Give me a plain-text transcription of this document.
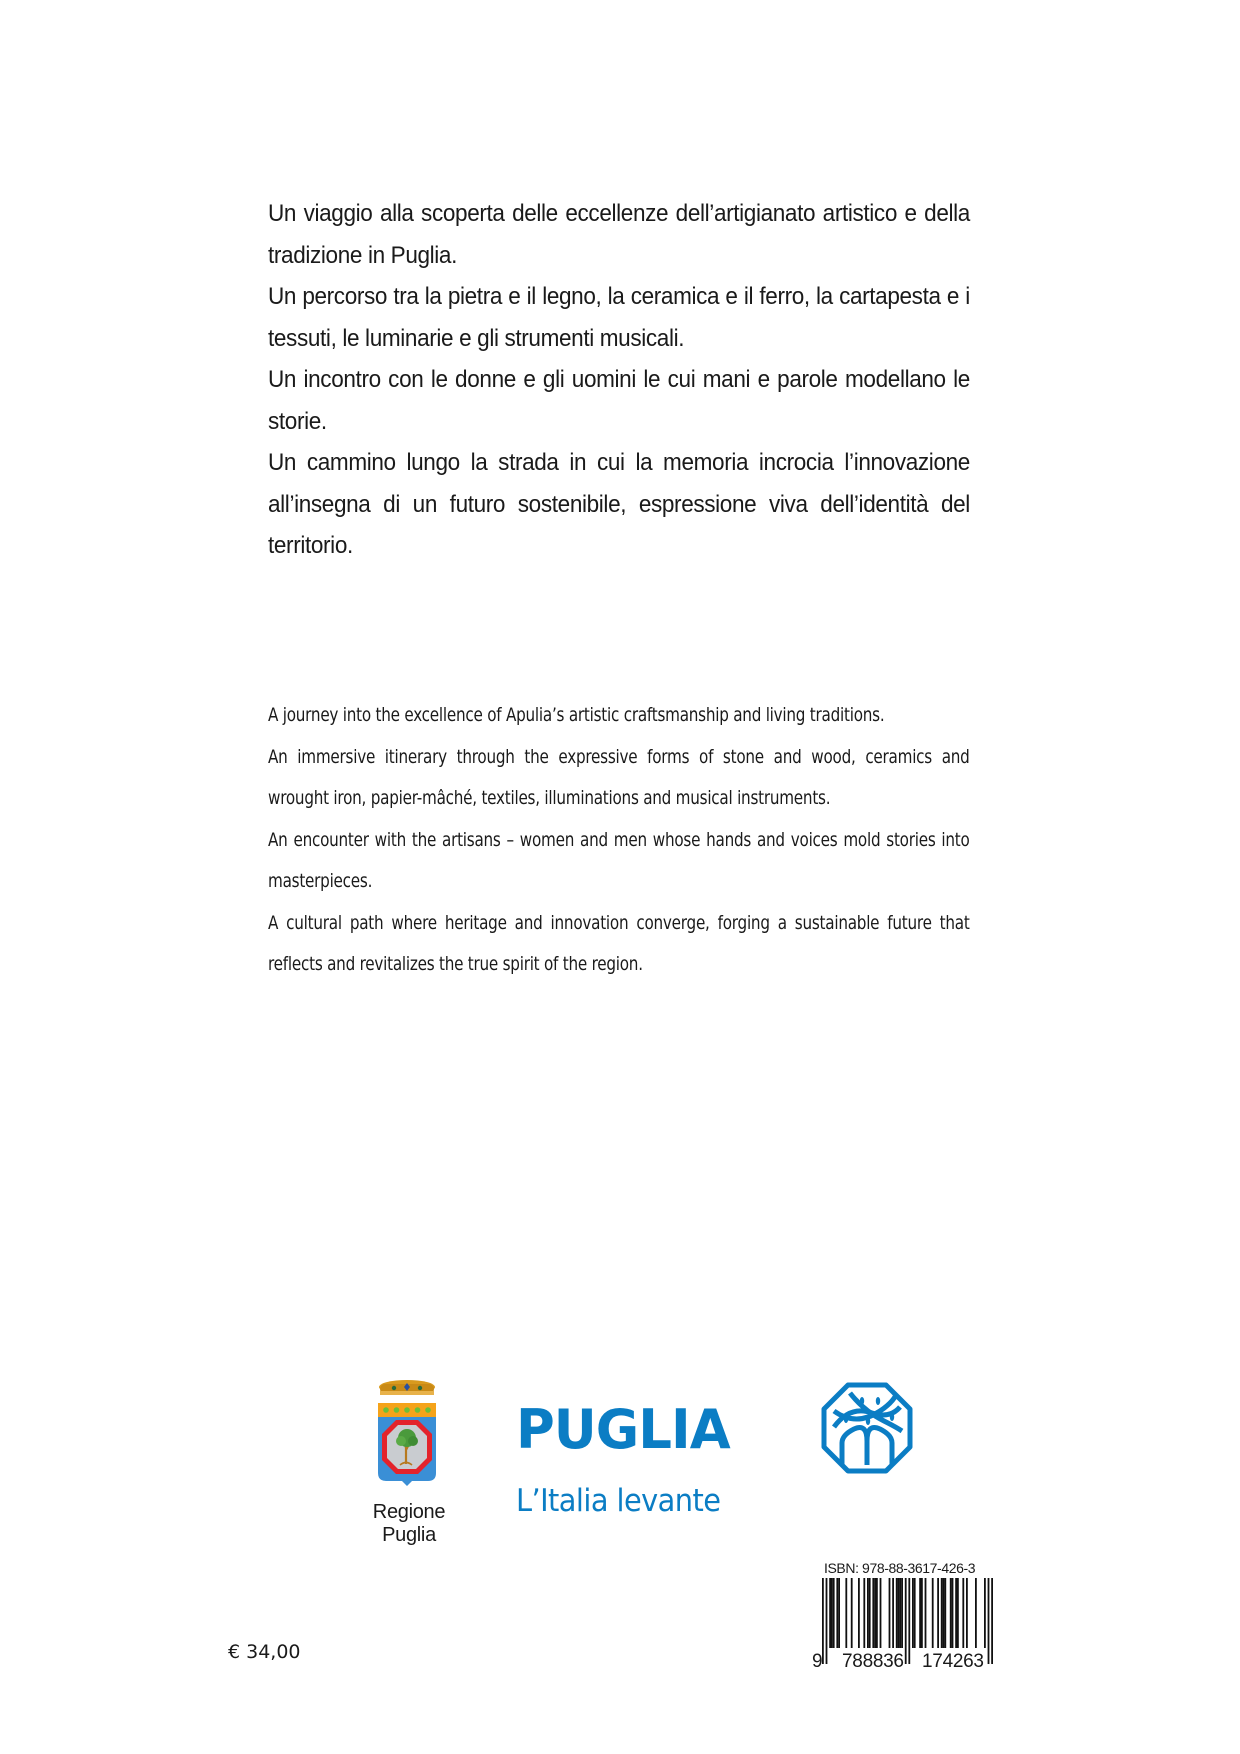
Un viaggio alla scoperta delle eccellenze dell’artigianato artistico e della tradizione in Puglia.

Un percorso tra la pietra e il legno, la ceramica e il ferro, la cartapesta e i tessuti, le luminarie e gli strumenti musicali.

Un incontro con le donne e gli uomini le cui mani e parole modellano le storie.

Un cammino lungo la strada in cui la memoria incrocia l’innovazione all’insegna di un futuro sostenibile, espressione viva dell’identità del territorio.

A journey into the excellence of Apulia’s artistic craftsmanship and living traditions.

An immersive itinerary through the expressive forms of stone and wood, ceramics and wrought iron, papier-mâché, textiles, illuminations and musical instruments.

An encounter with the artisans – women and men whose hands and voices mold stories into masterpieces.

A cultural path where heritage and innovation converge, forging a sustainable future that reflects and revitalizes the true spirit of the region.

Regione Puglia
PUGLIA
L’Italia levante
ISBN: 978-88-3617-426-3
9 788836 174263
€ 34,00
